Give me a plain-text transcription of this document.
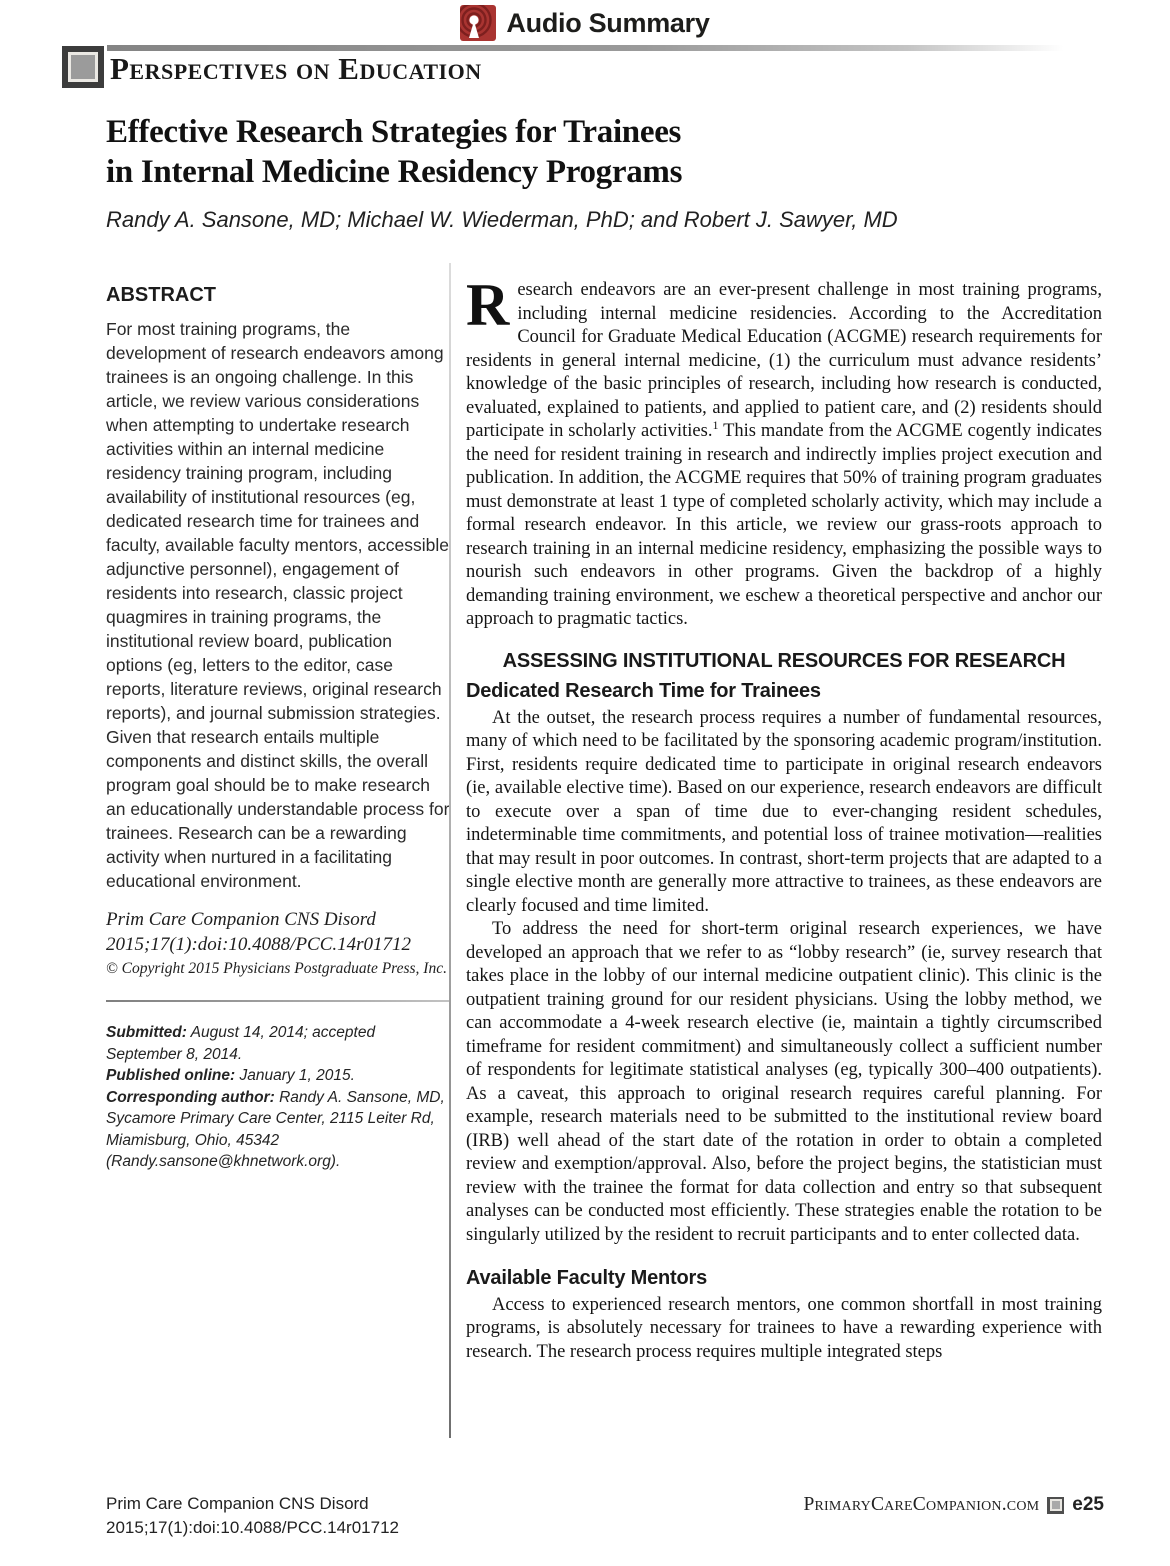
Audio Summary
Perspectives on Education
Effective Research Strategies for Trainees
in Internal Medicine Residency Programs

Randy A. Sansone, MD; Michael W. Wiederman, PhD; and Robert J. Sawyer, MD

ABSTRACT

For most training programs, the development of research endeavors among trainees is an ongoing challenge. In this article, we review various considerations when attempting to undertake research activities within an internal medicine residency training program, including availability of institutional resources (eg, dedicated research time for trainees and faculty, available faculty mentors, accessible adjunctive personnel), engagement of residents into research, classic project quagmires in training programs, the institutional review board, publication options (eg, letters to the editor, case reports, literature reviews, original research reports), and journal submission strategies. Given that research entails multiple components and distinct skills, the overall program goal should be to make research an educationally understandable process for trainees. Research can be a rewarding activity when nurtured in a facilitating educational environment.

Prim Care Companion CNS Disord 2015;17(1):doi:10.4088/PCC.14r01712

© Copyright 2015 Physicians Postgraduate Press, Inc.

Submitted: August 14, 2014; accepted September 8, 2014.

Published online: January 1, 2015.

Corresponding author: Randy A. Sansone, MD, Sycamore Primary Care Center, 2115 Leiter Rd, Miamisburg, Ohio, 45342 (Randy.sansone@khnetwork.org).

Research endeavors are an ever-present challenge in most training programs, including internal medicine residencies. According to the Accreditation Council for Graduate Medical Education (ACGME) research requirements for residents in general internal medicine, (1) the curriculum must advance residents’ knowledge of the basic principles of research, including how research is conducted, evaluated, explained to patients, and applied to patient care, and (2) residents should participate in scholarly activities.$^1$ This mandate from the ACGME cogently indicates the need for resident training in research and indirectly implies project execution and publication. In addition, the ACGME requires that 50% of training program graduates must demonstrate at least 1 type of completed scholarly activity, which may include a formal research endeavor. In this article, we review our grass-roots approach to research training in an internal medicine residency, emphasizing the possible ways to nourish such endeavors in other programs. Given the backdrop of a highly demanding training environment, we eschew a theoretical perspective and anchor our approach to pragmatic tactics.

ASSESSING INSTITUTIONAL RESOURCES FOR RESEARCH
Dedicated Research Time for Trainees

At the outset, the research process requires a number of fundamental resources, many of which need to be facilitated by the sponsoring academic program/institution. First, residents require dedicated time to participate in original research endeavors (ie, available elective time). Based on our experience, research endeavors are difficult to execute over a span of time due to ever-changing resident schedules, indeterminable time commitments, and potential loss of trainee motivation—realities that may result in poor outcomes. In contrast, short-term projects that are adapted to a single elective month are generally more attractive to trainees, as these endeavors are clearly focused and time limited.

To address the need for short-term original research experiences, we have developed an approach that we refer to as “lobby research” (ie, survey research that takes place in the lobby of our internal medicine outpatient clinic). This clinic is the outpatient training ground for our resident physicians. Using the lobby method, we can accommodate a 4-week research elective (ie, maintain a tightly circumscribed timeframe for resident commitment) and simultaneously collect a sufficient number of respondents for legitimate statistical analyses (eg, typically 300–400 outpatients). As a caveat, this approach to original research requires careful planning. For example, research materials need to be submitted to the institutional review board (IRB) well ahead of the start date of the rotation in order to obtain a completed review and exemption/approval. Also, before the project begins, the statistician must review with the trainee the format for data collection and entry so that subsequent analyses can be conducted most efficiently. These strategies enable the rotation to be singularly utilized by the resident to recruit participants and to enter collected data.

Available Faculty Mentors

Access to experienced research mentors, one common shortfall in most training programs, is absolutely necessary for trainees to have a rewarding experience with research. The research process requires multiple integrated steps

Prim Care Companion CNS Disord
2015;17(1):doi:10.4088/PCC.14r01712
PrimaryCareCompanion.com e25
